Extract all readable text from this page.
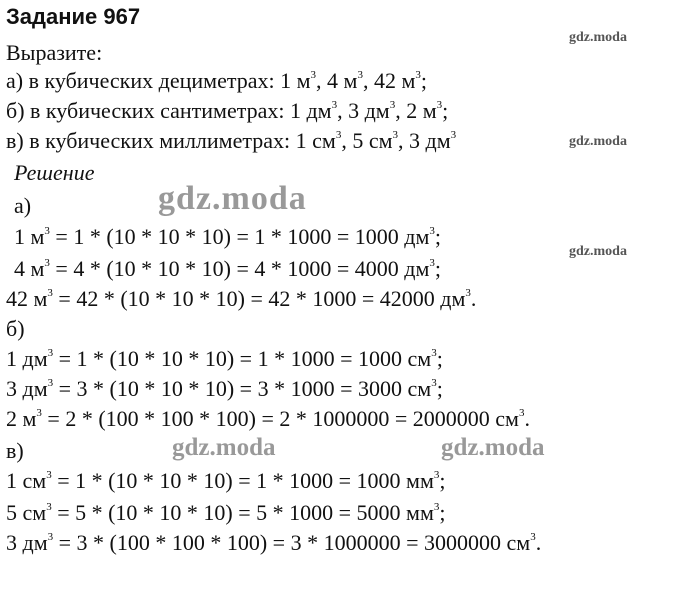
Задание 967
Выразите:
а) в кубических дециметрах: 1 $м^3$, 4 $м^3$, 42 $м^3$;
б) в кубических сантиметрах: 1 $дм^3$, 3 $дм^3$, 2 $м^3$;
в) в кубических миллиметрах: 1 $см^3$, 5 $см^3$, 3 $дм^3$
Решение
а)
1 $м^3 = 1 * (10 * 10 * 10) = 1 * 1000 = 1000$ $дм^3$;
4 $м^3 = 4 * (10 * 10 * 10) = 4 * 1000 = 4000$ $дм^3$;
42 $м^3 = 42 * (10 * 10 * 10) = 42 * 1000 = 42000$ $дм^3$.
б)
1 $дм^3 = 1 * (10 * 10 * 10) = 1 * 1000 = 1000$ $см^3$;
3 $дм^3 = 3 * (10 * 10 * 10) = 3 * 1000 = 3000$ $см^3$;
2 $м^3 = 2 * (100 * 100 * 100) = 2 * 1000000 = 2000000$ $см^3$.
в)
1 $см^3 = 1 * (10 * 10 * 10) = 1 * 1000 = 1000$ $мм^3$;
5 $см^3 = 5 * (10 * 10 * 10) = 5 * 1000 = 5000$ $мм^3$;
3 $дм^3 = 3 * (100 * 100 * 100) = 3 * 1000000 = 3000000$ $см^3$.
gdz.moda
gdz.moda
gdz.moda
gdz.moda
gdz.moda	gdz.moda
